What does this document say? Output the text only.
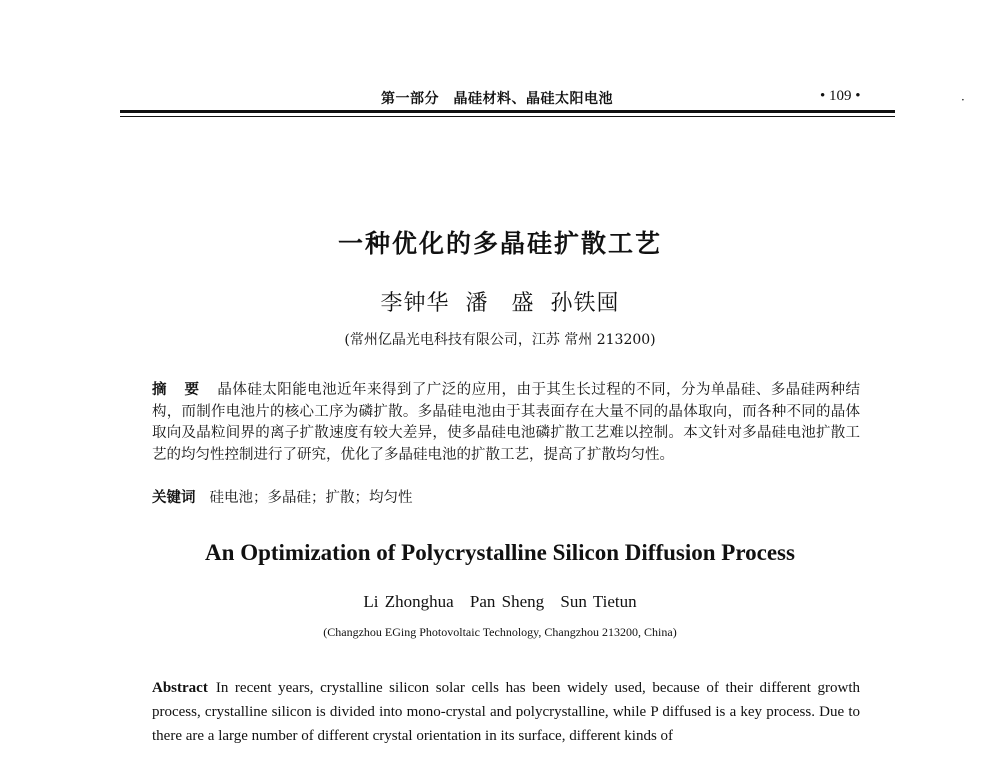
第一部分　晶硅材料、晶硅太阳电池	• 109 •	·
一种优化的多晶硅扩散工艺
李钟华 潘　盛 孙铁囤
(常州亿晶光电科技有限公司，江苏 常州 213200)
摘 要 晶体硅太阳能电池近年来得到了广泛的应用，由于其生长过程的不同，分为单晶硅、多晶硅两种结构，而制作电池片的核心工序为磷扩散。多晶硅电池由于其表面存在大量不同的晶体取向，而各种不同的晶体取向及晶粒间界的离子扩散速度有较大差异，使多晶硅电池磷扩散工艺难以控制。本文针对多晶硅电池扩散工艺的均匀性控制进行了研究，优化了多晶硅电池的扩散工艺，提高了扩散均匀性。
关键词 硅电池；多晶硅；扩散；均匀性
An Optimization of Polycrystalline Silicon Diffusion Process
Li Zhonghua Pan Sheng Sun Tietun
(Changzhou EGing Photovoltaic Technology, Changzhou 213200, China)
Abstract In recent years, crystalline silicon solar cells has been widely used, because of their different growth process, crystalline silicon is divided into mono-crystal and polycrystalline, while P diffused is a key process. Due to there are a large number of different crystal orientation in its surface, different kinds of
